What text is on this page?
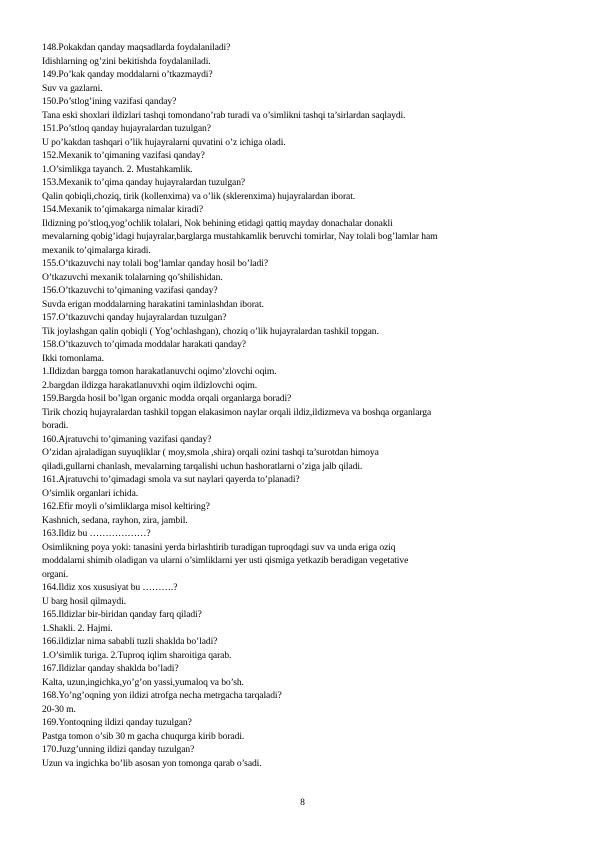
148.Pokakdan qanday maqsadlarda foydalaniladi?
Idishlarning og’zini bekitishda foydalaniladi.
149.Po’kak qanday moddalarni o’tkazmaydi?
Suv va gazlarni.
150.Po’stlog’ining vazifasi qanday?
Tana eski shoxlari ildizlari tashqi tomondano’rab turadi va o’simlikni tashqi ta’sirlardan saqlaydi.
151.Po’stloq qanday hujayralardan tuzulgan?
U po’kakdan tashqari o’lik hujayralarni quvatini o’z ichiga oladi.
152.Mexanik to’qimaning vazifasi qanday?
1.O’simlikga tayanch. 2. Mustahkamlik.
153.Mexanik to’qima qanday hujayralardan tuzulgan?
Qalin qobiqli,choziq, tirik (kollenxima) va o’lik (sklerenxima) hujayralardan iborat.
154.Mexanik to’qimakarga nimalar kiradi?
Ildizning po’stloq,yog’ochlik tolalari, Nok behining etidagi qattiq mayday donachalar donakli
mevalarning qobig’idagi hujayralar,barglarga mustahkamlik beruvchi tomirlar, Nay tolali bog’lamlar ham
mexanik to’qimalarga kiradi.
155.O’tkazuvchi nay tolali bog’lamlar qanday hosil bo’ladi?
O’tkazuvchi mexanik tolalarning qo’shilishidan.
156.O’tkazuvchi to’qimaning vazifasi qanday?
Suvda erigan moddalarning harakatini taminlashdan iborat.
157.O’tkazuvchi qanday hujayralardan tuzulgan?
Tik joylashgan qalin qobiqli ( Yog’ochlashgan), choziq o’lik hujayralardan tashkil topgan.
158.O’tkazuvch to’qimada moddalar harakati qanday?
Ikki tomonlama.
1.Ildizdan bargga tomon harakatlanuvchi oqimo’zlovchi oqim.
2.bargdan ildizga harakatlanuvxhi oqim ildizlovchi oqim.
159.Bargda hosil bo’lgan organic modda orqali organlarga boradi?
Tirik choziq hujayralardan tashkil topgan elakasimon naylar orqali ildiz,ildizmeva va boshqa organlarga
boradi.
160.Ajratuvchi to’qimaning vazifasi qanday?
O’zidan ajraladigan suyuqliklar ( moy,smola ,shira) orqali ozini tashqi ta’surotdan himoya
qiladi,gullarni chanlash, mevalarning tarqalishi uchun hashoratlarni o’ziga jalb qiladi.
161.Ajratuvchi to’qimadagi smola va sut naylari qayerda to’planadi?
O’simlik organlari ichida.
162.Efir moyli o’simliklarga misol keltiring?
Kashnich, sedana, rayhon, zira, jambil.
163.Ildiz bu ………………?
Osimlikning poya yoki: tanasini yerda birlashtirib turadigan tuproqdagi suv va unda eriga oziq
moddalarni shimib oladigan va ularni o’simliklarni yer usti qismiga yetkazib beradigan vegetative
organi.
164.Ildiz xos xususiyat bu ……….?
U barg hosil qilmaydi.
165.Ildizlar bir-biridan qanday farq qiladi?
1.Shakli. 2. Hajmi.
166.ildizlar nima sababli tuzli shaklda bo’ladi?
1.O’simlik turiga. 2.Tuproq iqlim sharoitiga qarab.
167.Ildizlar qanday shaklda bo’ladi?
Kalta, uzun,ingichka,yo’g’on yassi,yumaloq va bo’sh.
168.Yo’ng’oqning yon ildizi atrofga necha metrgacha tarqaladi?
20-30 m.
169.Yontoqning ildizi qanday tuzulgan?
Pastga tomon o’sib 30 m gacha chuqurga kirib boradi.
170.Juzg’unning ildizi qanday tuzulgan?
Uzun va ingichka bo’lib asosan yon tomonga qarab o’sadi.
8
